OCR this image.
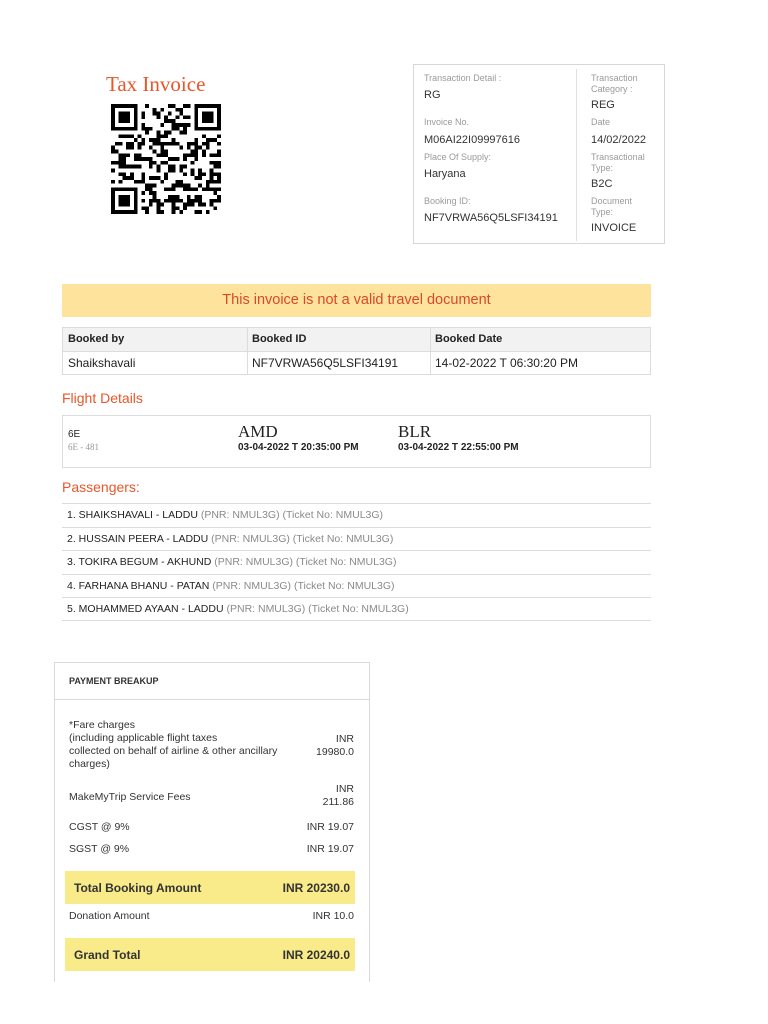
Tax Invoice	Transaction Detail :
RG
Invoice No.
M06AI22I09997616
Place Of Supply:
Haryana
Booking ID:
NF7VRWA56Q5LSFI34191
Transaction
Category :
REG
Date
14/02/2022
Transactional
Type:
B2C
Document
Type:
INVOICE
This invoice is not a valid travel document
Booked by	Booked ID	Booked Date
Shaikshavali	NF7VRWA56Q5LSFI34191	14-02-2022 T 06:30:20 PM
Flight Details
6E
6E - 481
AMD
03-04-2022 T 20:35:00 PM
BLR
03-04-2022 T 22:55:00 PM
Passengers:
1. SHAIKSHAVALI - LADDU (PNR: NMUL3G) (Ticket No: NMUL3G)
2. HUSSAIN PEERA - LADDU (PNR: NMUL3G) (Ticket No: NMUL3G)
3. TOKIRA BEGUM - AKHUND (PNR: NMUL3G) (Ticket No: NMUL3G)
4. FARHANA BHANU - PATAN (PNR: NMUL3G) (Ticket No: NMUL3G)
5. MOHAMMED AYAAN - LADDU (PNR: NMUL3G) (Ticket No: NMUL3G)
PAYMENT BREAKUP
*Fare charges
(including applicable flight taxes
collected on behalf of airline & other ancillary
charges)
INR
19980.0
MakeMyTrip Service Fees
INR
211.86
CGST @ 9%	INR 19.07
SGST @ 9%	INR 19.07
Total Booking Amount	INR 20230.0
Donation Amount	INR 10.0
Grand Total	INR 20240.0
